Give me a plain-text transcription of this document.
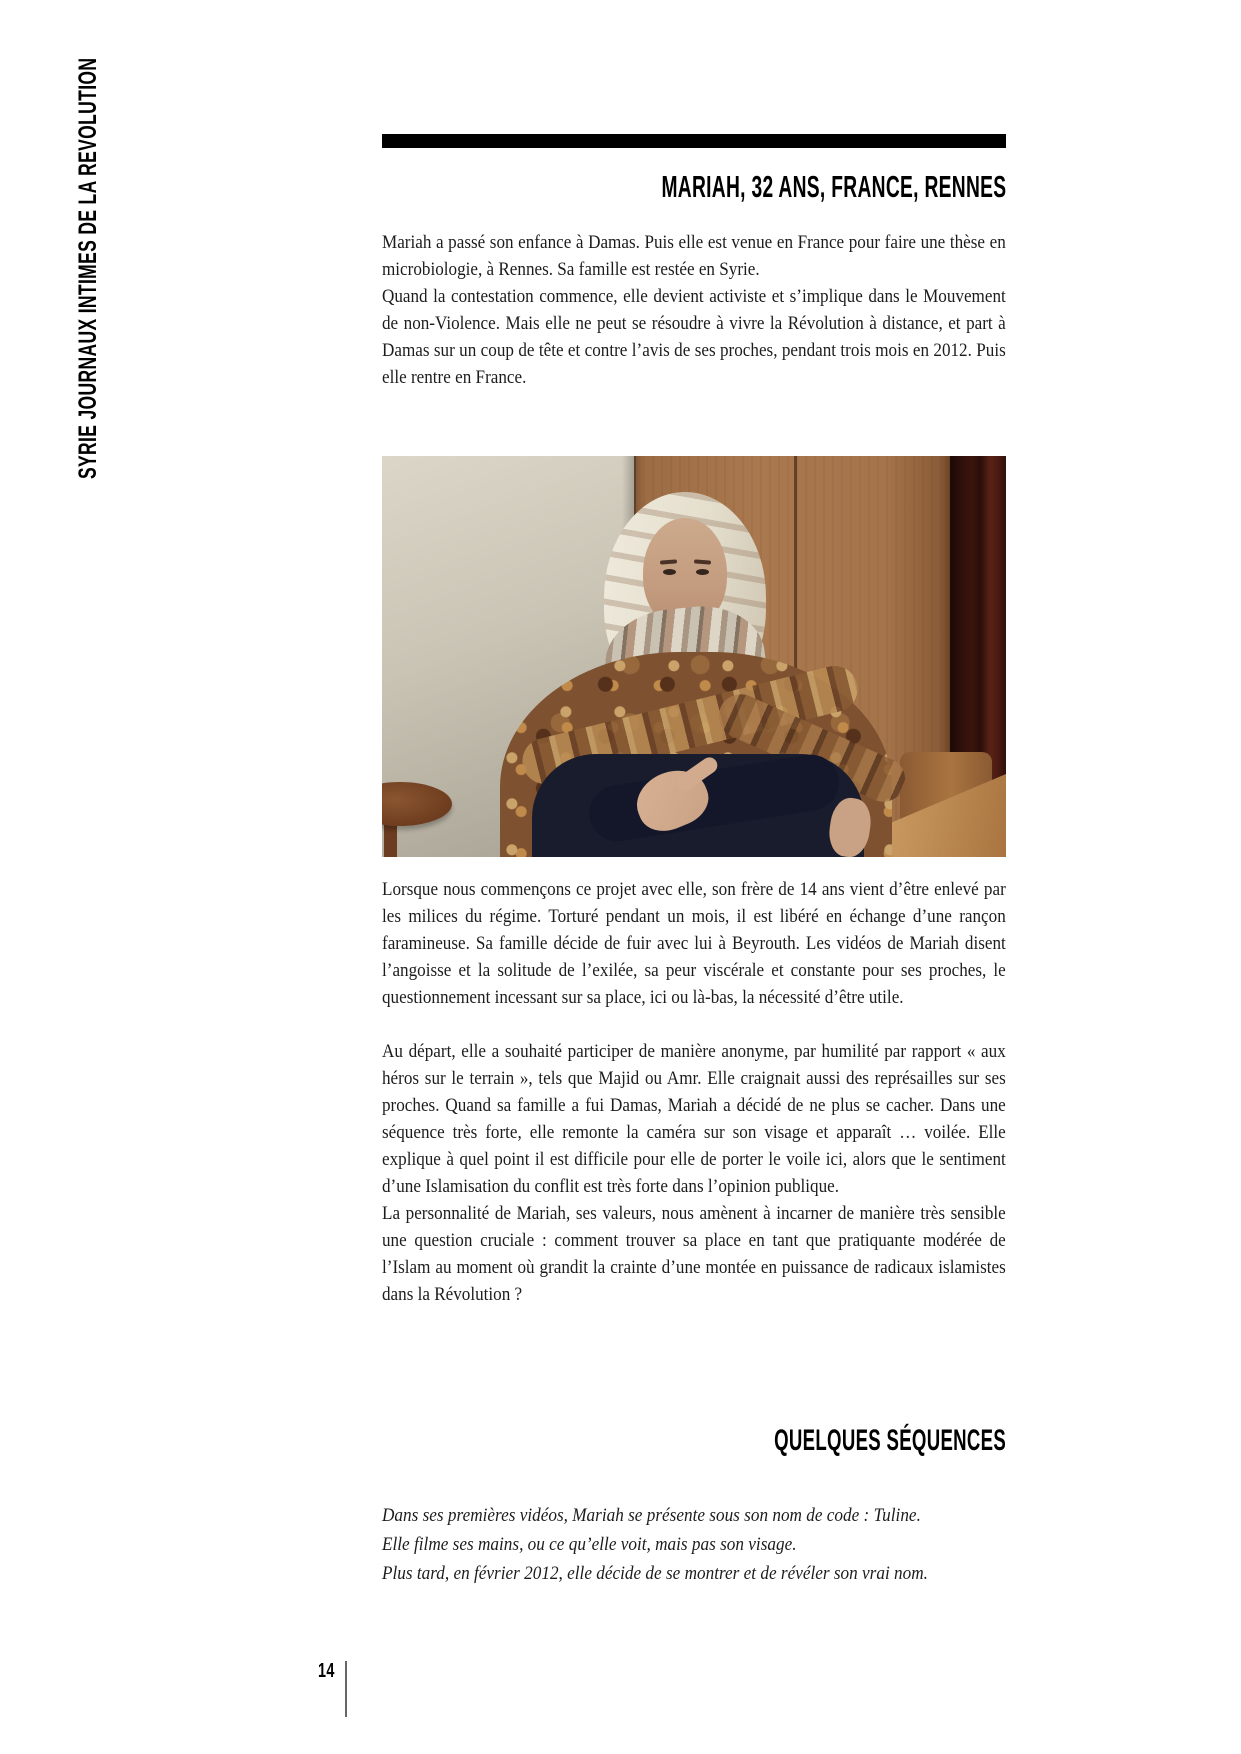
SYRIE JOURNAUX INTIMES DE LA REVOLUTION	MARIAH, 32 ANS, FRANCE, RENNES

Mariah a passé son enfance à Damas. Puis elle est venue en France pour faire une thèse en microbiologie, à Rennes. Sa famille est restée en Syrie.

Quand la contestation commence, elle devient activiste et s’implique dans le Mouvement de non-Violence. Mais elle ne peut se résoudre à vivre la Révolution à distance, et part à Damas sur un coup de tête et contre l’avis de ses proches, pendant trois mois en 2012. Puis elle rentre en France.

Lorsque nous commençons ce projet avec elle, son frère de 14 ans vient d’être enlevé par les milices du régime. Torturé pendant un mois, il est libéré en échange d’une rançon faramineuse. Sa famille décide de fuir avec lui à Beyrouth. Les vidéos de Mariah disent l’angoisse et la solitude de l’exilée, sa peur viscérale et constante pour ses proches, le questionnement incessant sur sa place, ici ou là-bas, la nécessité d’être utile.

Au départ, elle a souhaité participer de manière anonyme, par humilité par rapport « aux héros sur le terrain », tels que Majid ou Amr. Elle craignait aussi des représailles sur ses proches. Quand sa famille a fui Damas, Mariah a décidé de ne plus se cacher. Dans une séquence très forte, elle remonte la caméra sur son visage et apparaît … voilée. Elle explique à quel point il est difficile pour elle de porter le voile ici, alors que le sentiment d’une Islamisation du conflit est très forte dans l’opinion publique.

La personnalité de Mariah, ses valeurs, nous amènent à incarner de manière très sensible une question cruciale : comment trouver sa place en tant que pratiquante modérée de l’Islam au moment où grandit la crainte d’une montée en puissance de radicaux islamistes dans la Révolution ?

QUELQUES SÉQUENCES
Dans ses premières vidéos, Mariah se présente sous son nom de code : Tuline.
Elle filme ses mains, ou ce qu’elle voit, mais pas son visage.
Plus tard, en février 2012, elle décide de se montrer et de révéler son vrai nom.
14
